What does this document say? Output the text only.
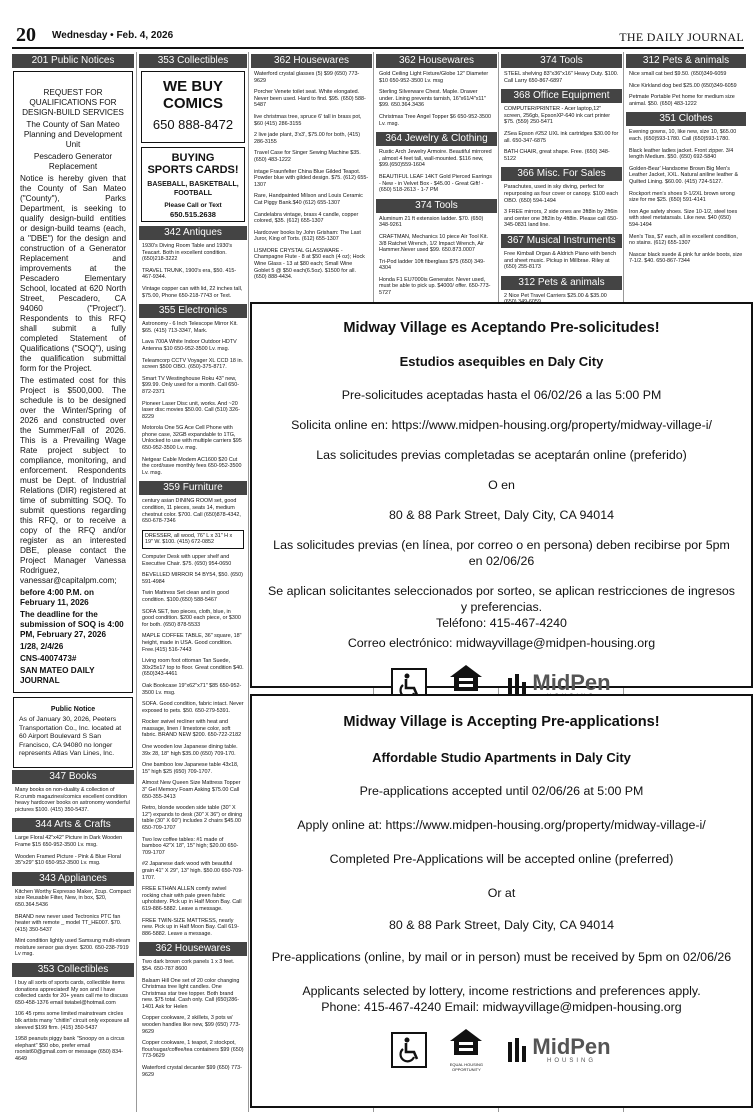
20 Wednesday • Feb. 4, 2026	THE DAILY JOURNAL
201 Public Notices

REQUEST FOR QUALIFICATIONS FOR DESIGN-BUILD SERVICES

The County of San Mateo Planning and Development Unit

Pescadero Generator Replacement

Notice is hereby given that the County of San Mateo ("County"), Parks Department, is seeking to qualify design-build entities or design-build teams (each, a "DBE") for the design and construction of a Generator Replacement and improvements at the Pescadero Elementary School, located at 620 North Street, Pescadero, CA 94060 ("Project"). Respondents to this RFQ shall submit a fully completed Statement of Qualifications ("SOQ"), using the qualification submittal form for the Project.

The estimated cost for this Project is $500,000. The schedule is to be designed over the Winter/Spring of 2026 and constructed over the Summer/Fall of 2026. This is a Prevailing Wage Rate project subject to compliance, monitoring, and enforcement. Respondents must be Dept. of Industrial Relations (DIR) registered at time of submitting SOQ. To submit questions regarding this RFQ, or to receive a copy of the RFQ and/or register as an interested DBE, please contact the Project Manager Vanessa Rodriguez, vanessar@capitalpm.com;

before 4:00 P.M. on February 11, 2026

The deadline for the submission of SOQ is 4:00 PM, February 27, 2026

1/28, 2/4/26

CNS-4007473#

SAN MATEO DAILY JOURNAL

Public Notice
As of January 30, 2026, Peeters Transportation Co., Inc. located at 60 Airport Boulevard S San Francisco, CA 94080 no longer represents Atlas Van Lines, Inc.
347 Books
Many books on non-duality & collection of R.crumb magazines/comics excellent condition heavy hardcover books on astronomy wonderful pictures $100. (415) 350-5437.
344 Arts & Crafts
Large Floral 42"x42" Picture in Dark Wooden Frame $15 650-952-3500 Lv. msg.
Wooden Framed Picture - Pink & Blue Floral 35"x29" $10 650-952-3500 Lv. msg.
343 Appliances
Kitchen Worthy Expresso Maker, 2cup. Compact size Reusable Filter, New, in box, $20, 650.364.5436
BRAND new never used Tectronics PTC fan heater with remote _ model TT_HE007. $70. (415) 350-5437
Mint condition lightly used Samsung multi-steam moisture sensor gas dryer. $200. 650-238-7919 Lv msg.
353 Collectibles
I buy all sorts of sports cards, collectible items donations appreciated! My son and I have collected cards for 20+ years call me to discuss 650-458-1376 email twiabel@hotmail.com
106 45 rpms some limited mainstream circles blk artists many "chitlin" circuit only exposure all sleeved $199 firm. (415) 350-5437
1958 peanuts piggy bank "Snoopy on a circus elephant" $50 obo, prefer email rsonist60@gmail.com or message (650) 834-4649
353 Collectibles
WE BUY
COMICS
650 888-8472
BUYING
SPORTS CARDS!
BASEBALL, BASKETBALL, FOOTBALL
Please Call or Text
650.515.2638
342 Antiques
1930's Diving Room Table and 1930's Teacart. Both in excellent condition. (650)218-3222
TRAVEL TRUNK, 1900's era, $50. 415-467-9344.
Vintage copper can with lid, 22 inches tall, $75.00, Phone 650-218-7743 or Text.
355 Electronics
Astronomy - 6 Inch Telescope Mirror Kit. $65. (415) 713-3347, Mark.
Lava 700A White Indoor Outdoor HDTV Antenna $10 650-952-3500 Lv. msg.
Teleamcorp CCTV Voyager XL CCD 18 in. screen $500 OBO. (650)-375-8717.
Smart TV Westinghouse Roku 43" new, $99.99. Only used for a month. Call 650-872-2371
Pioneer Laser Disc unit, works. And ~20 laser disc movies $50.00. Call (510) 326-8229
Motorola One 5G Ace Cell Phone with phone case, 32GB expandable to 1TG, Unlocked to use with multiple carriers $95 650-952-3500 Lv. msg.
Netgear Cable Modem AC1600 $20 Cut the cord/save monthly fees 650-952-3500 Lv. msg.
359 Furniture
century asian DINING ROOM set, good condition, 11 pieces, seats 14, medium chestnut color. $700. Call (650)878-4342, 650-678-7346
DRESSER, all wood, 76" L x 31" H x 19" W. $100. (415) 672-0852
Computer Desk with upper shelf and Executive Chair. $75. (650) 954-0650
BEVELLED MIRROR 54 BY54, $50. (650) 591-4984
Twin Mattress Set clean and in good condition. $100.(650) 588-5467
SOFA SET, two pieces, cloth, blue, in good condition. $200 each piece, or $300 for both. (650) 878-5533
MAPLE COFFEE TABLE, 36" square, 18" height, made in USA. Good condition. Free.(415) 516-7443
Living room foot ottoman Tan Suede, 30x25x17 top to floor. Great condition $40. (650)343-4461
Oak Bookcase 19"x62"x71" $85 650-952-3500 Lv. msg.
SOFA. Good condition, fabric intact. Never exposed to pets. $50. 650-279-5391.
Rocker swivel recliner with heat and massage, linen / limestone color, soft fabric. BRAND NEW $200. 650-722-2182
One wooden low Japanese dining table. 39x 28, 18" high $35.00 (650) 709-170.
One bamboo low Japanese table 43x18, 15" high $25 (650) 709-1707.
Almost New Queen Size Mattress Topper 3" Gel Memory Foam Asking $75.00 Call 650-355-3413
Retro, blonde wooden side table (30" X 12") expands to desk (30" X 36") or dining table (30" X 60") includes 2 chairs $45.00 650-709-1707
Two low coffee tables: #1 made of bamboo 42"X 18", 15" high; $20.00 650-709-1707
#2 Japanese dark wood with beautiful grain 41" X 29", 13" high. $50.00 650-709-1707.
FREE ETHAN ALLEN comfy swivel rocking chair with pale green fabric upholstery. Pick up in Half Moon Bay. Call 619-886-5882. Leave a message.
FREE TWIN-SIZE MATTRESS, nearly new. Pick up in Half Moon Bay. Call 619-886-5882. Leave a message.
362 Housewares
Two dark brown cork panels 1 x 3 feet. $54. 650-787 8600
Balsam Hill One set of 20 color changing Christmas tree light candles. One Christmas star tree topper. Both brand new. $75 total. Cash only. Call (650)286-1401 Ask for Helen
Copper cookware, 2 skillets, 3 pots w/ wooden handles like new, $99 (650) 773-9629
Copper cookware, 1 teapot, 2 stockpot, flour/sugar/coffee/tea containers $99 (650) 773-9629
Waterford crystal decanter $99 (650) 773-9629
362 Housewares
Waterford crystal glasses (5) $99 (650) 773-9629
Porcher Venete toilet seat. White elongated. Never been used. Hard to find. $95. (650) 588-5487
live christmas tree, spruce 6' tall in brass pot, $60 (415) 286-3155
2 live jade plant, 3'x3', $75.00 for both, (415) 286-3155
Travel Case for Singer Sewing Machine $35. (650) 483-1222
intage Fraunfelter China Blue Gilded Teapot. Powder blue with gilded design. $75. (612) 655-1307
Rare, Handpainted Milson and Louis Ceramic Cat Piggy Bank.$40 (612) 655-1307
Candelabra vintage, brass 4 candle, copper colored, $35. (612) 655-1307
Hardcover books by John Grisham: The Last Juror, King of Torts. (612) 655-1307
LISMORE CRYSTAL GLASSWARE - Champagne Flute - 8 at $50 each (4 oz); Hock Wine Glass - 13 at $80 each; Small Wine Goblet 5 @ $50 each(6.5oz). $1500 for all. (650) 888-4434.
362 Housewares
Gold Ceiling Light Fixture/Globe 12" Diameter $10 650-952-3500 Lv. msg
Sterling Silverware Chest. Maple. Drawer under. Lining prevents tarnish, 16"x61/4"x11" $99. 650.364.3436
Christmas Tree Angel Topper $6 650-952-3500 Lv. msg.
364 Jewelry & Clothing
Rustic Arch Jewelry Armoire. Beautiful mirrored , almost 4 feet tall, wall-mounted. $116 new, $99.(650)559-1604
BEAUTIFUL LEAF 14KT Gold Pierced Earrings - New - in Velvet Box - $45.00 - Great Gift! - (650) 518-2613 - 1-7 PM
374 Tools
Aluminum 21 ft extension ladder. $70. (650) 348-9261
CRAFTMAN, Mechanics 10 piece Air Tool Kit. 3/8 Ratchet Wrench, 1/2 Impact Wrench, Air Hammer.Never used $99. 650.873.0007
Tri-Pod ladder 10ft fiberglass $75 (650) 349-4304
Honda F1 EU7000is Generator. Never used, must be able to pick up. $4000/ offer. 650-773-5727
374 Tools
STEEL shelving 83"x36"x16" Heavy Duty. $100. Call Larry 650-867-6897
368 Office Equipment
COMPUTER/PRINTER - Acer laptop,12" screen, 256gb, EpsonXP-640 ink cart printer $75. (559) 250-5471
ZSea Epson #252 UXL ink cartridges $30.00 for all. 650-347-6875
BATH CHAIR, great shape. Free. (650) 348-5122
366 Misc. For Sales
Parachutes, used in sky diving, perfect for repurposing as four cover or canopy. $100 each OBO. (650) 594-1494
3 FREE mirrors, 2 side ones are 3ft8in by 2ft6in and center one 3ft2in by 4ft8in. Please call 650-345-0831 land line.
367 Musical Instruments
Free Kimball Organ & Aldrich Piano with bench and sheet music. Pickup in Millbrae. Riley at (650) 255-8173
312 Pets & animals
2 Nice Pet Travel Carriers $25.00 & $35.00
312 Pets & animals
Nice small cat bed $9.50. (650)349-6059
Nice Kirkland dog bed $25.00 (650)349-6059
Petmate Portable Pet home for medium size animal. $50. (650) 483-1222
351 Clothes
Evening gowns, 10, like new, size 10, $65.00 each. (650)593-1780. Call (650)593-1780.
Black leather ladies jacket. Front zipper. 3/4 length Medium. $50. (650) 692-5840
Golden-Bear' Handsome Brown Big Men's Leather Jacket, XXL. Natural aniline leather & Quilted Lining. $60.00. (415) 724-5127.
Rockport men's shoes 9-1/2XL brown wrong size for me $25. (650) 591-4141
Iron Age safety shoes. Size 10-1/2, steel toes with steel metatarsals. Like new. $40 (650) 594-1494
Men's Tiss, $7 each, all in excellent condition, no stains. (612) 655-1307
Nascar black suede & pink fur ankle boots, size 7-1/2. $40. 650-867-7344
Midway Village es Aceptando Pre-solicitudes!
Estudios asequibles en Daly City
Pre-solicitudes aceptadas hasta el 06/02/26 a las 5:00 PM
Solicita online en: https://www.midpen-housing.org/property/midway-village-i/
Las solicitudes previas completadas se aceptarán online (preferido)
O en
80 & 88 Park Street, Daly City, CA 94014
Las solicitudes previas (en línea, por correo o en persona) deben recibirse por 5pm en 02/06/26
Se aplican solicitantes seleccionados por sorteo, se aplican restricciones de ingresos y preferencias.
Teléfono: 415-467-4240
Correo electrónico: midwayvillage@midpen-housing.org
MidPen
Midway Village is Accepting Pre-applications!
Affordable Studio Apartments in Daly City
Pre-applications accepted until 02/06/26 at 5:00 PM
Apply online at: https://www.midpen-housing.org/property/midway-village-i/
Completed Pre-Applications will be accepted online (preferred)
Or at
80 & 88 Park Street, Daly City, CA 94014
Pre-applications (online, by mail or in person) must be received by 5pm on 02/06/26
Applicants selected by lottery, income restrictions and preferences apply.
Phone: 415-467-4240 Email: midwayvillage@midpen-housing.org
EQUAL HOUSING
OPPORTUNITY
MidPen
HOUSING
